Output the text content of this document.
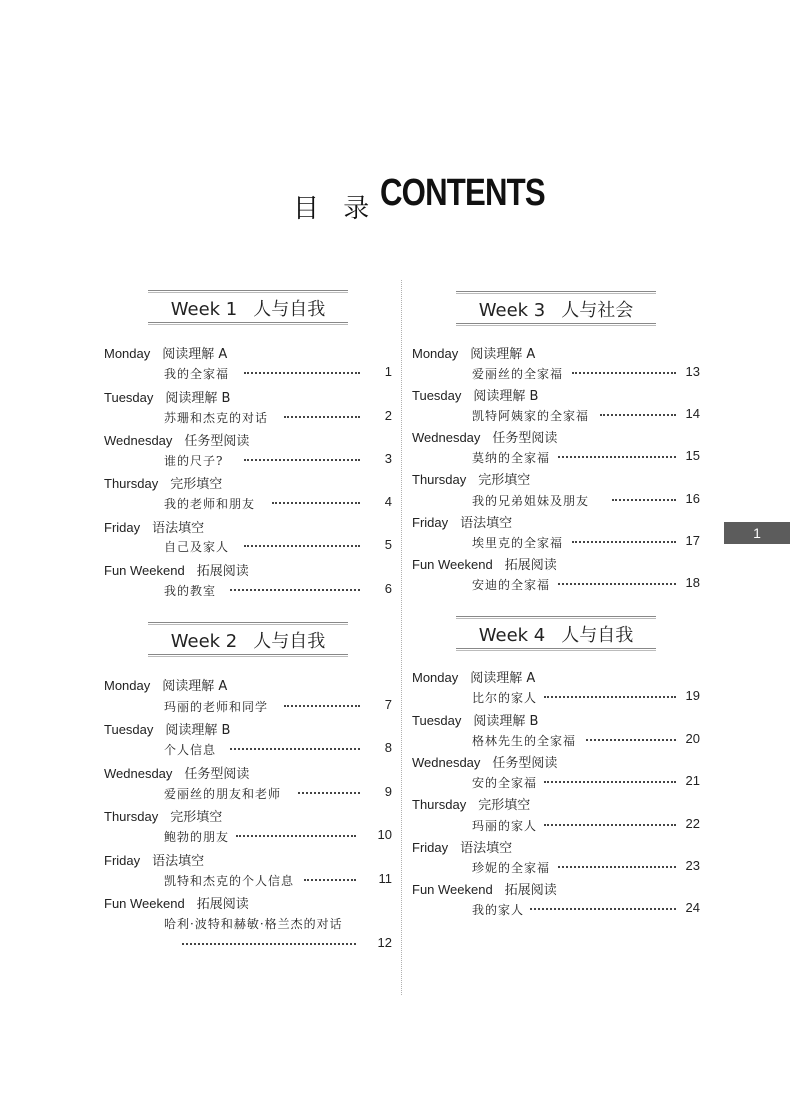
目 录 CONTENTS
Week 1 人与自我
Monday 阅读理解 A
我的全家福	1
Tuesday 阅读理解 B
苏珊和杰克的对话	2
Wednesday 任务型阅读
谁的尺子?	3
Thursday 完形填空
我的老师和朋友	4
Friday 语法填空
自己及家人	5
Fun Weekend 拓展阅读
我的教室	6
Week 2 人与自我
Monday 阅读理解 A
玛丽的老师和同学	7
Tuesday 阅读理解 B
个人信息	8
Wednesday 任务型阅读
爱丽丝的朋友和老师	9
Thursday 完形填空
鲍勃的朋友	10
Friday 语法填空
凯特和杰克的个人信息	11
Fun Weekend 拓展阅读
哈利·波特和赫敏·格兰杰的对话
12
Week 3 人与社会
Monday 阅读理解 A
爱丽丝的全家福	13
Tuesday 阅读理解 B
凯特阿姨家的全家福	14
Wednesday 任务型阅读
莫纳的全家福	15
Thursday 完形填空
我的兄弟姐妹及朋友	16
Friday 语法填空
埃里克的全家福	17
Fun Weekend 拓展阅读
安迪的全家福	18
Week 4 人与自我
Monday 阅读理解 A
比尔的家人	19
Tuesday 阅读理解 B
格林先生的全家福	20
Wednesday 任务型阅读
安的全家福	21
Thursday 完形填空
玛丽的家人	22
Friday 语法填空
珍妮的全家福	23
Fun Weekend 拓展阅读
我的家人	24
1
